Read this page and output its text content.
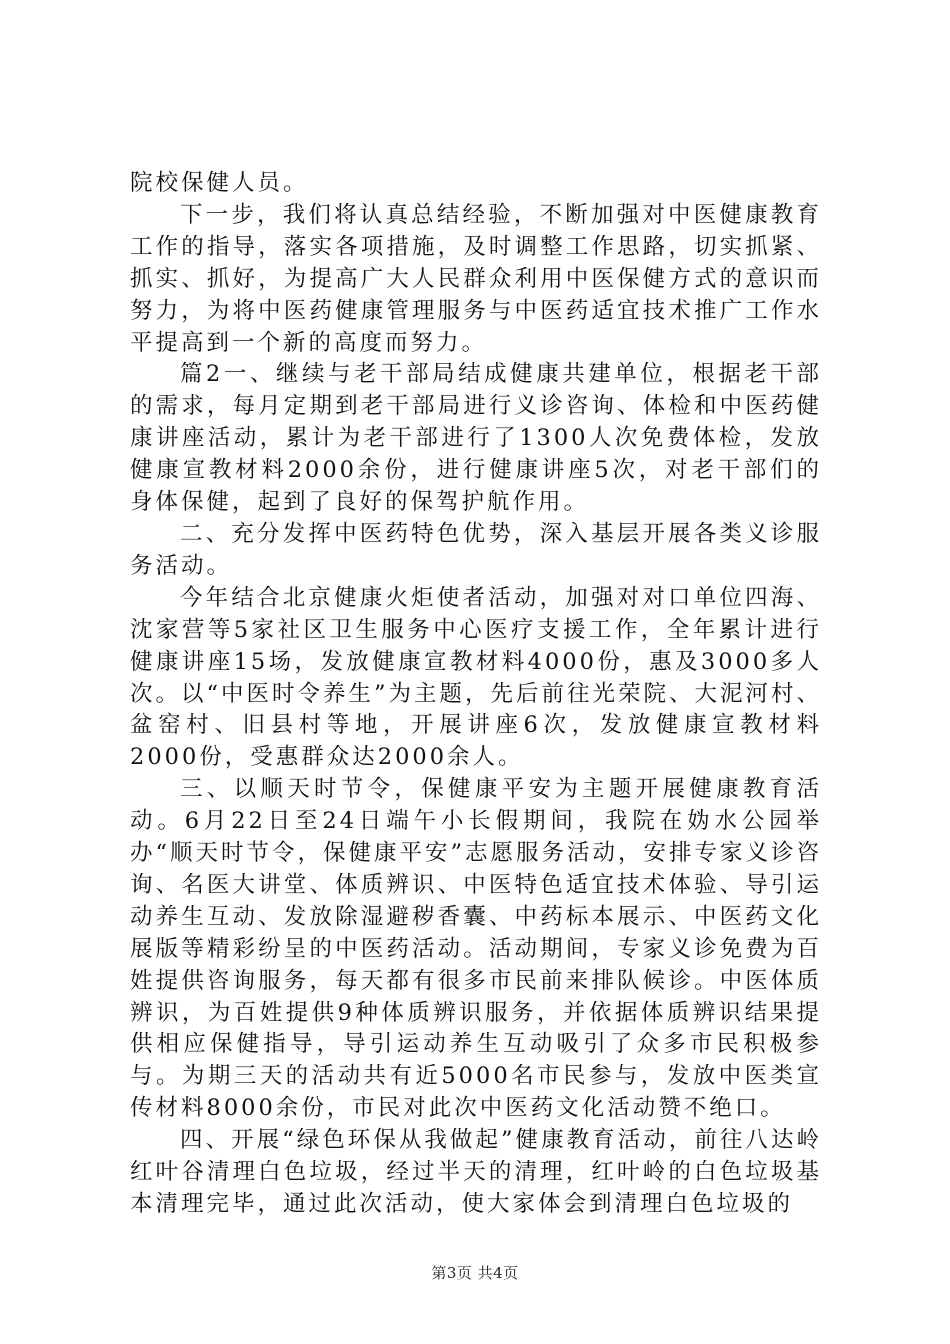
院校保健人员。

下一步，我们将认真总结经验，不断加强对中医健康教育工作的指导，落实各项措施，及时调整工作思路，切实抓紧、抓实、抓好，为提高广大人民群众利用中医保健方式的意识而努力，为将中医药健康管理服务与中医药适宜技术推广工作水平提高到一个新的高度而努力。

篇2一、继续与老干部局结成健康共建单位，根据老干部的需求，每月定期到老干部局进行义诊咨询、体检和中医药健康讲座活动，累计为老干部进行了1300人次免费体检，发放健康宣教材料2000余份，进行健康讲座5次，对老干部们的身体保健，起到了良好的保驾护航作用。

二、充分发挥中医药特色优势，深入基层开展各类义诊服务活动。

今年结合北京健康火炬使者活动，加强对对口单位四海、沈家营等5家社区卫生服务中心医疗支援工作，全年累计进行健康讲座15场，发放健康宣教材料4000份，惠及3000多人次。以“中医时令养生”为主题，先后前往光荣院、大泥河村、盆窑村、旧县村等地，开展讲座6次，发放健康宣教材料2000份，受惠群众达2000余人。

三、以顺天时节令，保健康平安为主题开展健康教育活动。6月22日至24日端午小长假期间，我院在妫水公园举办“顺天时节令，保健康平安”志愿服务活动，安排专家义诊咨询、名医大讲堂、体质辨识、中医特色适宜技术体验、导引运动养生互动、发放除湿避秽香囊、中药标本展示、中医药文化展版等精彩纷呈的中医药活动。活动期间，专家义诊免费为百姓提供咨询服务，每天都有很多市民前来排队候诊。中医体质辨识，为百姓提供9种体质辨识服务，并依据体质辨识结果提供相应保健指导，导引运动养生互动吸引了众多市民积极参与。为期三天的活动共有近5000名市民参与，发放中医类宣传材料8000余份，市民对此次中医药文化活动赞不绝口。

四、开展“绿色环保从我做起”健康教育活动，前往八达岭红叶谷清理白色垃圾，经过半天的清理，红叶岭的白色垃圾基本清理完毕，通过此次活动，使大家体会到清理白色垃圾的

第3页 共4页
